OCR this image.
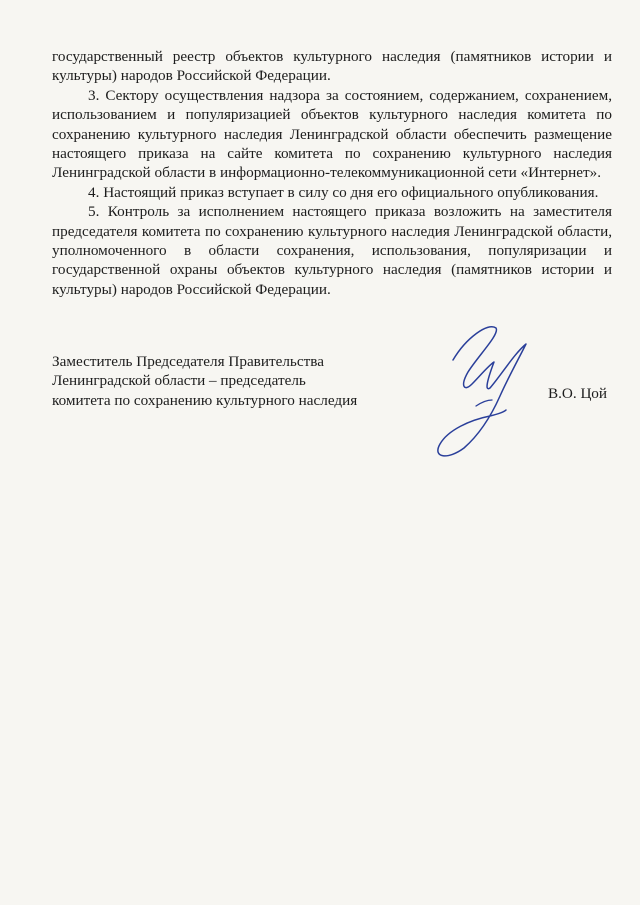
государственный реестр объектов культурного наследия (памятников истории и культуры) народов Российской Федерации.

3. Сектору осуществления надзора за состоянием, содержанием, сохранением, использованием и популяризацией объектов культурного наследия комитета по сохранению культурного наследия Ленинградской области обеспечить размещение настоящего приказа на сайте комитета по сохранению культурного наследия Ленинградской области в информационно-телекоммуникационной сети «Интернет».

4. Настоящий приказ вступает в силу со дня его официального опубликования.

5. Контроль за исполнением настоящего приказа возложить на заместителя председателя комитета по сохранению культурного наследия Ленинградской области, уполномоченного в области сохранения, использования, популяризации и государственной охраны объектов культурного наследия (памятников истории и культуры) народов Российской Федерации.

Заместитель Председателя Правительства
Ленинградской области – председатель
комитета по сохранению культурного наследия	В.О. Цой
